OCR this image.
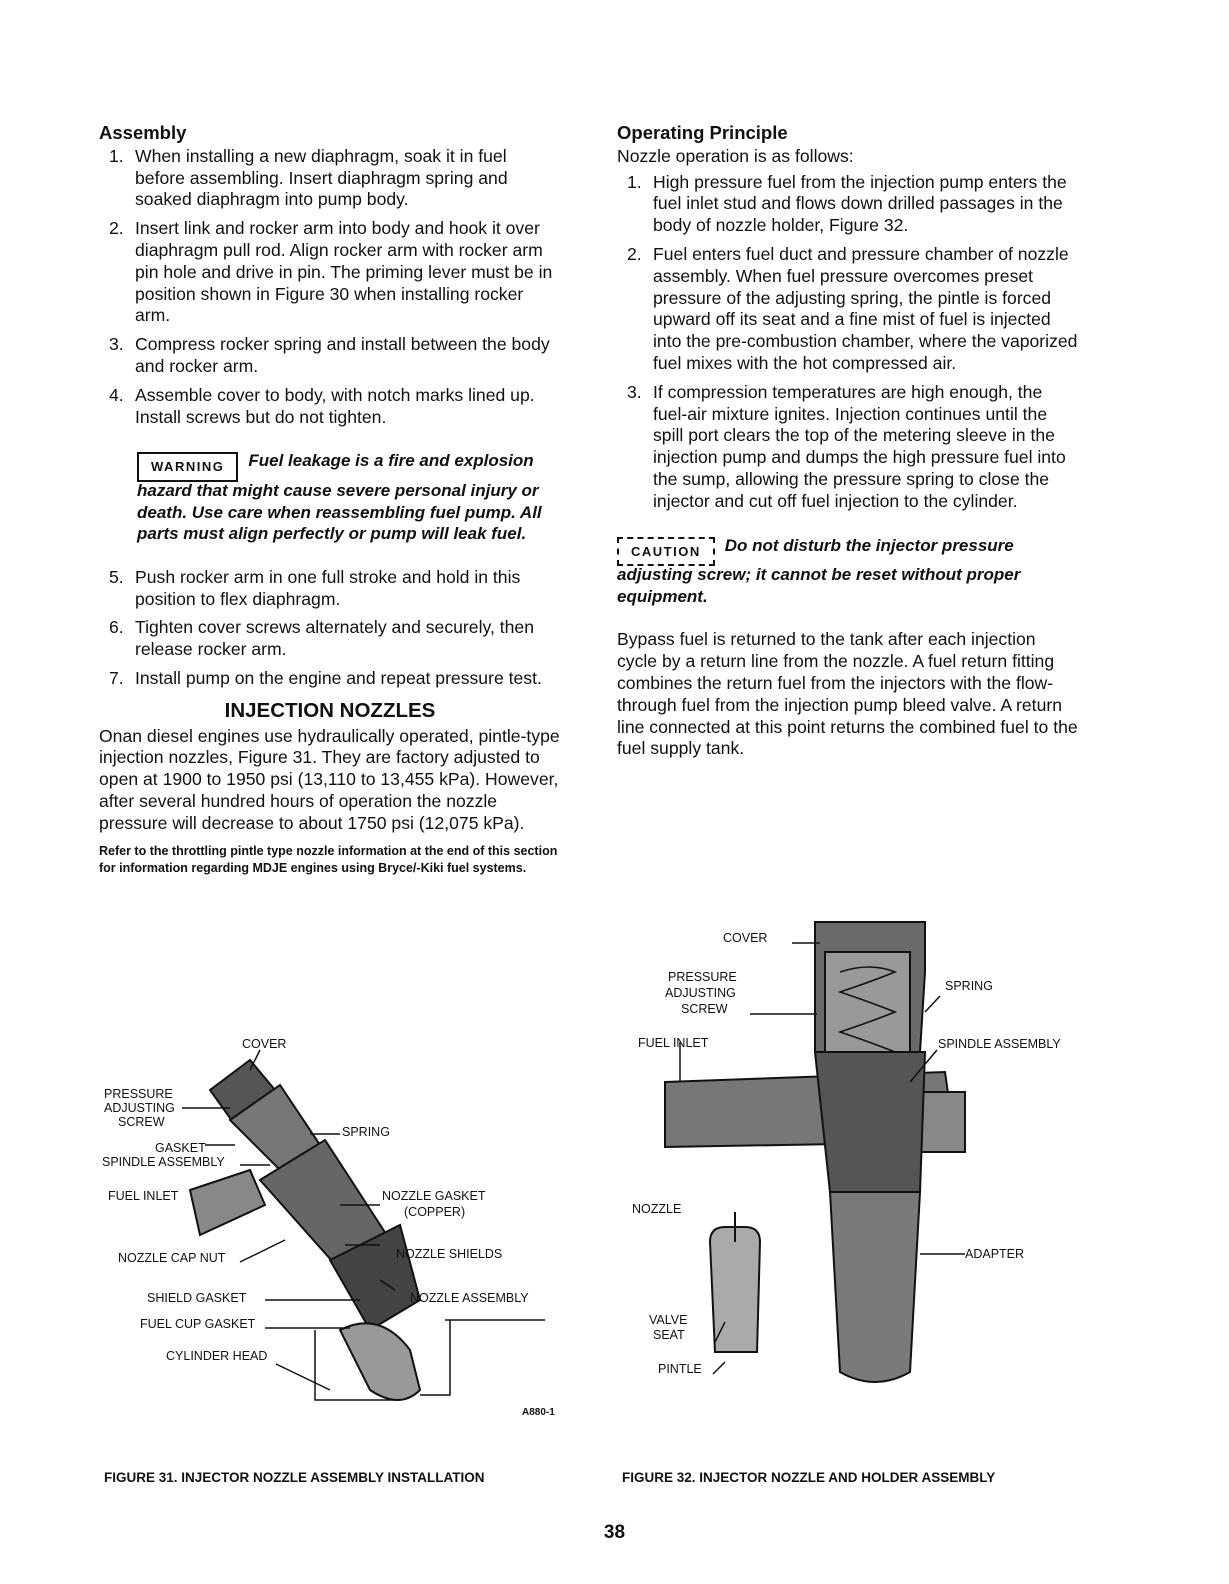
Assembly
1. When installing a new diaphragm, soak it in fuel before assembling. Insert diaphragm spring and soaked diaphragm into pump body.
2. Insert link and rocker arm into body and hook it over diaphragm pull rod. Align rocker arm with rocker arm pin hole and drive in pin. The priming lever must be in position shown in Figure 30 when installing rocker arm.
3. Compress rocker spring and install between the body and rocker arm.
4. Assemble cover to body, with notch marks lined up. Install screws but do not tighten.
WARNING Fuel leakage is a fire and explosion hazard that might cause severe personal injury or death. Use care when reassembling fuel pump. All parts must align perfectly or pump will leak fuel.
5. Push rocker arm in one full stroke and hold in this position to flex diaphragm.
6. Tighten cover screws alternately and securely, then release rocker arm.
7. Install pump on the engine and repeat pressure test.
INJECTION NOZZLES

Onan diesel engines use hydraulically operated, pintle-type injection nozzles, Figure 31. They are factory adjusted to open at 1900 to 1950 psi (13,110 to 13,455 kPa). However, after several hundred hours of operation the nozzle pressure will decrease to about 1750 psi (12,075 kPa).

Refer to the throttling pintle type nozzle information at the end of this section for information regarding MDJE engines using Bryce/-Kiki fuel systems.

Operating Principle

Nozzle operation is as follows:

1. High pressure fuel from the injection pump enters the fuel inlet stud and flows down drilled passages in the body of nozzle holder, Figure 32.
2. Fuel enters fuel duct and pressure chamber of nozzle assembly. When fuel pressure overcomes preset pressure of the adjusting spring, the pintle is forced upward off its seat and a fine mist of fuel is injected into the pre-combustion chamber, where the vaporized fuel mixes with the hot compressed air.
3. If compression temperatures are high enough, the fuel-air mixture ignites. Injection continues until the spill port clears the top of the metering sleeve in the injection pump and dumps the high pressure fuel into the sump, allowing the pressure spring to close the injector and cut off fuel injection to the cylinder.
CAUTION Do not disturb the injector pressure adjusting screw; it cannot be reset without proper equipment.

Bypass fuel is returned to the tank after each injection cycle by a return line from the nozzle. A fuel return fitting combines the return fuel from the injectors with the flow-through fuel from the injection pump bleed valve. A return line connected at this point returns the combined fuel to the fuel supply tank.

COVER
PRESSURE
ADJUSTING
SCREW
GASKET
SPINDLE ASSEMBLY
FUEL INLET
NOZZLE CAP NUT
SHIELD GASKET
FUEL CUP GASKET
CYLINDER HEAD
SPRING
NOZZLE GASKET
(COPPER)
NOZZLE SHIELDS
NOZZLE ASSEMBLY
A880-1
FIGURE 31. INJECTOR NOZZLE ASSEMBLY INSTALLATION
COVER
PRESSURE
ADJUSTING
SCREW
FUEL INLET
SPRING
SPINDLE ASSEMBLY
NOZZLE
ADAPTER
VALVE
SEAT
PINTLE
FIGURE 32. INJECTOR NOZZLE AND HOLDER ASSEMBLY
38
